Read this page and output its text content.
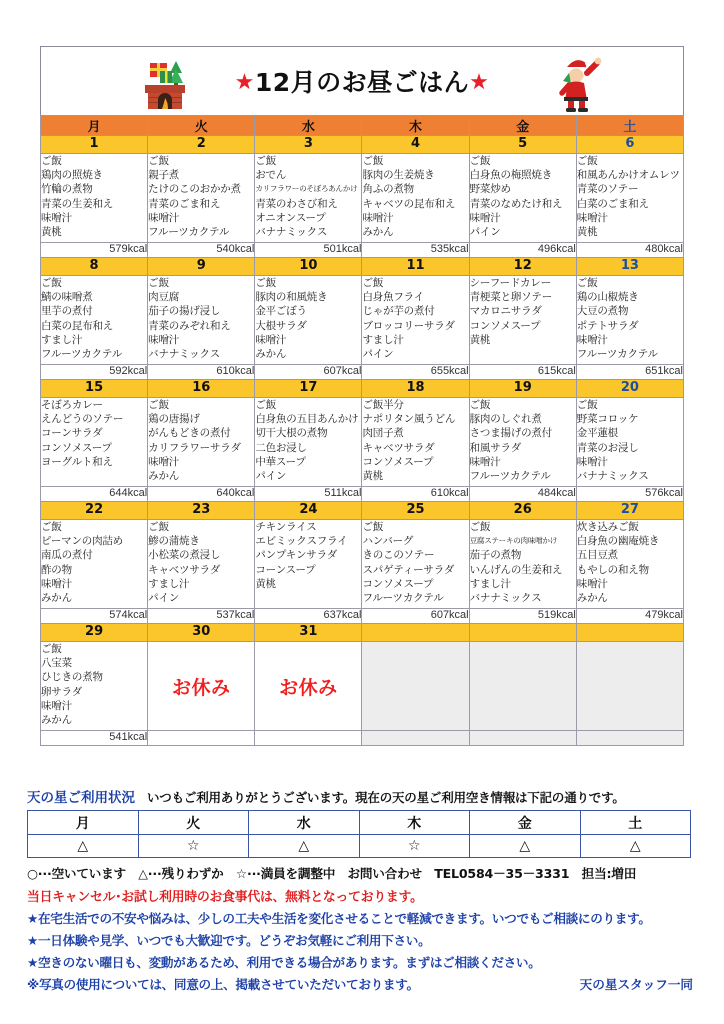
★12月のお昼ごはん★
月	火	水	木	金	土
1	2	3	4	5	6

ご飯
鶏肉の照焼き
竹輪の煮物
青菜の生姜和え
味噌汁
黄桃

ご飯
親子煮
たけのこのおかか煮
青菜のごま和え
味噌汁
フルーツカクテル

ご飯
おでん
カリフラワーのそぼろあんかけ
青菜のわさび和え
オニオンスープ
バナナミックス

ご飯
豚肉の生姜焼き
角ふの煮物
キャベツの昆布和え
味噌汁
みかん

ご飯
白身魚の梅照焼き
野菜炒め
青菜のなめたけ和え
味噌汁
パイン

ご飯
和風あんかけオムレツ
青菜のソテー
白菜のごま和え
味噌汁
黄桃

579kcal	540kcal	501kcal	535kcal	496kcal	480kcal
8	9	10	11	12	13

ご飯
鯖の味噌煮
里芋の煮付
白菜の昆布和え
すまし汁
フルーツカクテル

ご飯
肉豆腐
茄子の揚げ浸し
青菜のみぞれ和え
味噌汁
バナナミックス

ご飯
豚肉の和風焼き
金平ごぼう
大根サラダ
味噌汁
みかん

ご飯
白身魚フライ
じゃが芋の煮付
ブロッコリーサラダ
すまし汁
パイン

シーフードカレー
青梗菜と卵ソテー
マカロニサラダ
コンソメスープ
黄桃

ご飯
鶏の山椒焼き
大豆の煮物
ポテトサラダ
味噌汁
フルーツカクテル

592kcal	610kcal	607kcal	655kcal	615kcal	651kcal
15	16	17	18	19	20

そぼろカレー
えんどうのソテー
コーンサラダ
コンソメスープ
ヨーグルト和え

ご飯
鶏の唐揚げ
がんもどきの煮付
カリフラワーサラダ
味噌汁
みかん

ご飯
白身魚の五目あんかけ
切干大根の煮物
二色お浸し
中華スープ
パイン

ご飯半分
ナポリタン風うどん
肉団子煮
キャベツサラダ
コンソメスープ
黄桃

ご飯
豚肉のしぐれ煮
さつま揚げの煮付
和風サラダ
味噌汁
フルーツカクテル

ご飯
野菜コロッケ
金平蓮根
青菜のお浸し
味噌汁
バナナミックス

644kcal	640kcal	511kcal	610kcal	484kcal	576kcal
22	23	24	25	26	27

ご飯
ピーマンの肉詰め
南瓜の煮付
酢の物
味噌汁
みかん

ご飯
鯵の蒲焼き
小松菜の煮浸し
キャベツサラダ
すまし汁
パイン

チキンライス
エビミックスフライ
パンプキンサラダ
コーンスープ
黄桃

ご飯
ハンバーグ
きのこのソテー
スパゲティーサラダ
コンソメスープ
フルーツカクテル

ご飯
豆腐ステーキの肉味噌かけ
茄子の煮物
いんげんの生姜和え
すまし汁
バナナミックス

炊き込みご飯
白身魚の幽庵焼き
五目豆煮
もやしの和え物
味噌汁
みかん

574kcal	537kcal	637kcal	607kcal	519kcal	479kcal
29	30	31			

ご飯
八宝菜
ひじきの煮物
卵サラダ
味噌汁
みかん

お休み	お休み

541kcal					
天の星ご利用状況 いつもご利用ありがとうございます。現在の天の星ご利用空き情報は下記の通りです。
月	火	水	木	金	土
△	☆	△	☆	△	△
○···空いています　△···残りわずか　☆···満員を調整中　お問い合わせ　TEL0584－35－3331　担当:増田
当日キャンセル･お試し利用時のお食事代は、無料となっております。
★在宅生活での不安や悩みは、少しの工夫や生活を変化させることで軽減できます。いつでもご相談にのります。
★一日体験や見学、いつでも大歓迎です。どうぞお気軽にご利用下さい。
★空きのない曜日も、変動があるため、利用できる場合があります。まずはご相談ください。
※写真の使用については、同意の上、掲載させていただいております。	天の星スタッフ一同
